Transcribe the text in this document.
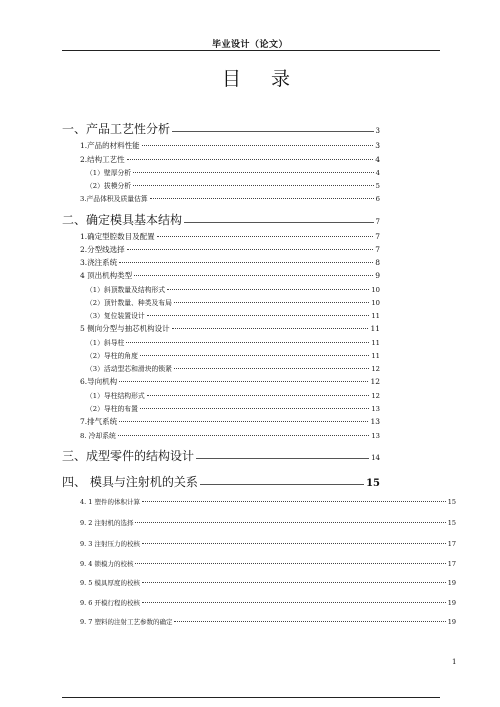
毕业设计（论文）
目 录
一、产品工艺性分析	3
1.产品的材料性能	3
2.结构工艺性	4
（1）壁厚分析	4
（2）拔模分析	5
3.产品体积及质量估算	6
二、确定模具基本结构	7
1.确定型腔数目及配置	7
2.分型线选择	7
3.浇注系统	8
4 顶出机构类型	9
（1）斜顶数量及结构形式	10
（2）顶针数量、种类及布局	10
（3）复位装置设计	11
5 侧向分型与抽芯机构设计	11
（1）斜导柱	11
（2）导柱的角度	11
（3）活动型芯和滑块的锁紧	12
6.导向机构	12
（1）导柱结构形式	12
（2）导柱的布置	13
7.排气系统	13
8. 冷却系统	13
三、成型零件的结构设计	14
四、 模具与注射机的关系	15
4. 1 塑件的体积计算	15
9. 2 注射机的选择	15
9. 3 注射压力的校核	17
9. 4 锁模力的校核	17
9. 5 模具厚度的校核	19
9. 6 开模行程的校核	19
9. 7 塑料的注射工艺参数的确定	19
1
